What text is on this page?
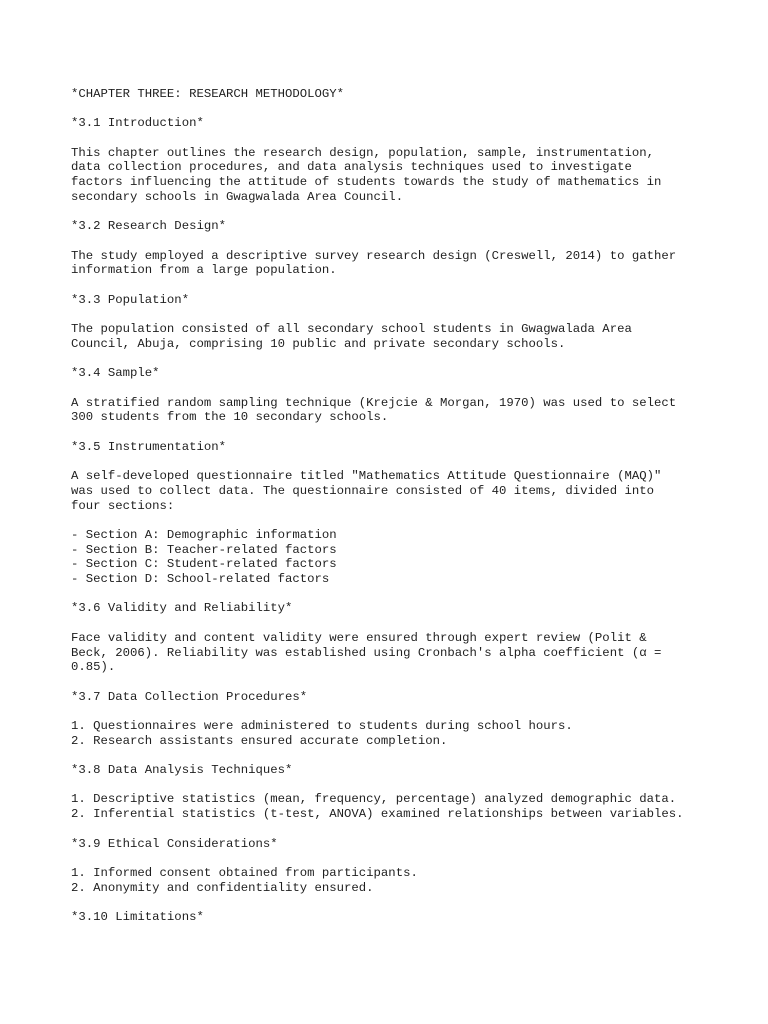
*CHAPTER THREE: RESEARCH METHODOLOGY*
*3.1 Introduction*
This chapter outlines the research design, population, sample, instrumentation,
data collection procedures, and data analysis techniques used to investigate
factors influencing the attitude of students towards the study of mathematics in
secondary schools in Gwagwalada Area Council.
*3.2 Research Design*
The study employed a descriptive survey research design (Creswell, 2014) to gather
information from a large population.
*3.3 Population*
The population consisted of all secondary school students in Gwagwalada Area
Council, Abuja, comprising 10 public and private secondary schools.
*3.4 Sample*
A stratified random sampling technique (Krejcie & Morgan, 1970) was used to select
300 students from the 10 secondary schools.
*3.5 Instrumentation*
A self-developed questionnaire titled "Mathematics Attitude Questionnaire (MAQ)"
was used to collect data. The questionnaire consisted of 40 items, divided into
four sections:
- Section A: Demographic information
- Section B: Teacher-related factors
- Section C: Student-related factors
- Section D: School-related factors
*3.6 Validity and Reliability*
Face validity and content validity were ensured through expert review (Polit &
Beck, 2006). Reliability was established using Cronbach's alpha coefficient (α =
0.85).
*3.7 Data Collection Procedures*
1. Questionnaires were administered to students during school hours.
2. Research assistants ensured accurate completion.
*3.8 Data Analysis Techniques*
1. Descriptive statistics (mean, frequency, percentage) analyzed demographic data.
2. Inferential statistics (t-test, ANOVA) examined relationships between variables.
*3.9 Ethical Considerations*
1. Informed consent obtained from participants.
2. Anonymity and confidentiality ensured.
*3.10 Limitations*
